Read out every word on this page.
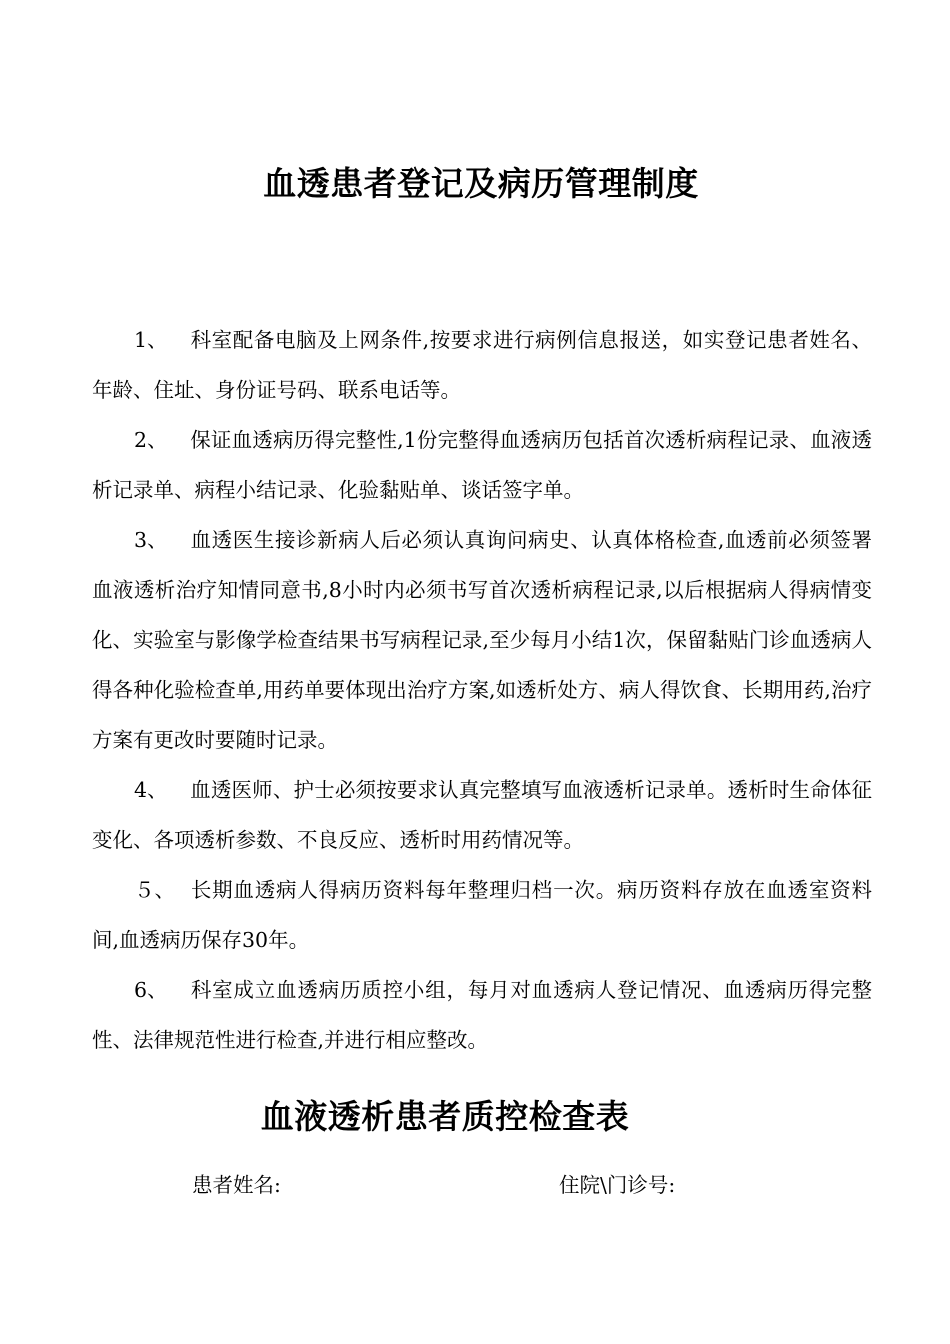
血透患者登记及病历管理制度

1、 科室配备电脑及上网条件,按要求进行病例信息报送，如实登记患者姓名、年龄、住址、身份证号码、联系电话等。

2、 保证血透病历得完整性,1份完整得血透病历包括首次透析病程记录、血液透析记录单、病程小结记录、化验黏贴单、谈话签字单。

3、 血透医生接诊新病人后必须认真询问病史、认真体格检查,血透前必须签署血液透析治疗知情同意书,8小时内必须书写首次透析病程记录,以后根据病人得病情变化、实验室与影像学检查结果书写病程记录,至少每月小结1次，保留黏贴门诊血透病人得各种化验检查单,用药单要体现出治疗方案,如透析处方、病人得饮食、长期用药,治疗方案有更改时要随时记录。

4、 血透医师、护士必须按要求认真完整填写血液透析记录单。透析时生命体征变化、各项透析参数、不良反应、透析时用药情况等。

５、 长期血透病人得病历资料每年整理归档一次。病历资料存放在血透室资料间,血透病历保存30年。

6、 科室成立血透病历质控小组，每月对血透病人登记情况、血透病历得完整性、法律规范性进行检查,并进行相应整改。

血液透析患者质控检查表
患者姓名:	住院\门诊号:
